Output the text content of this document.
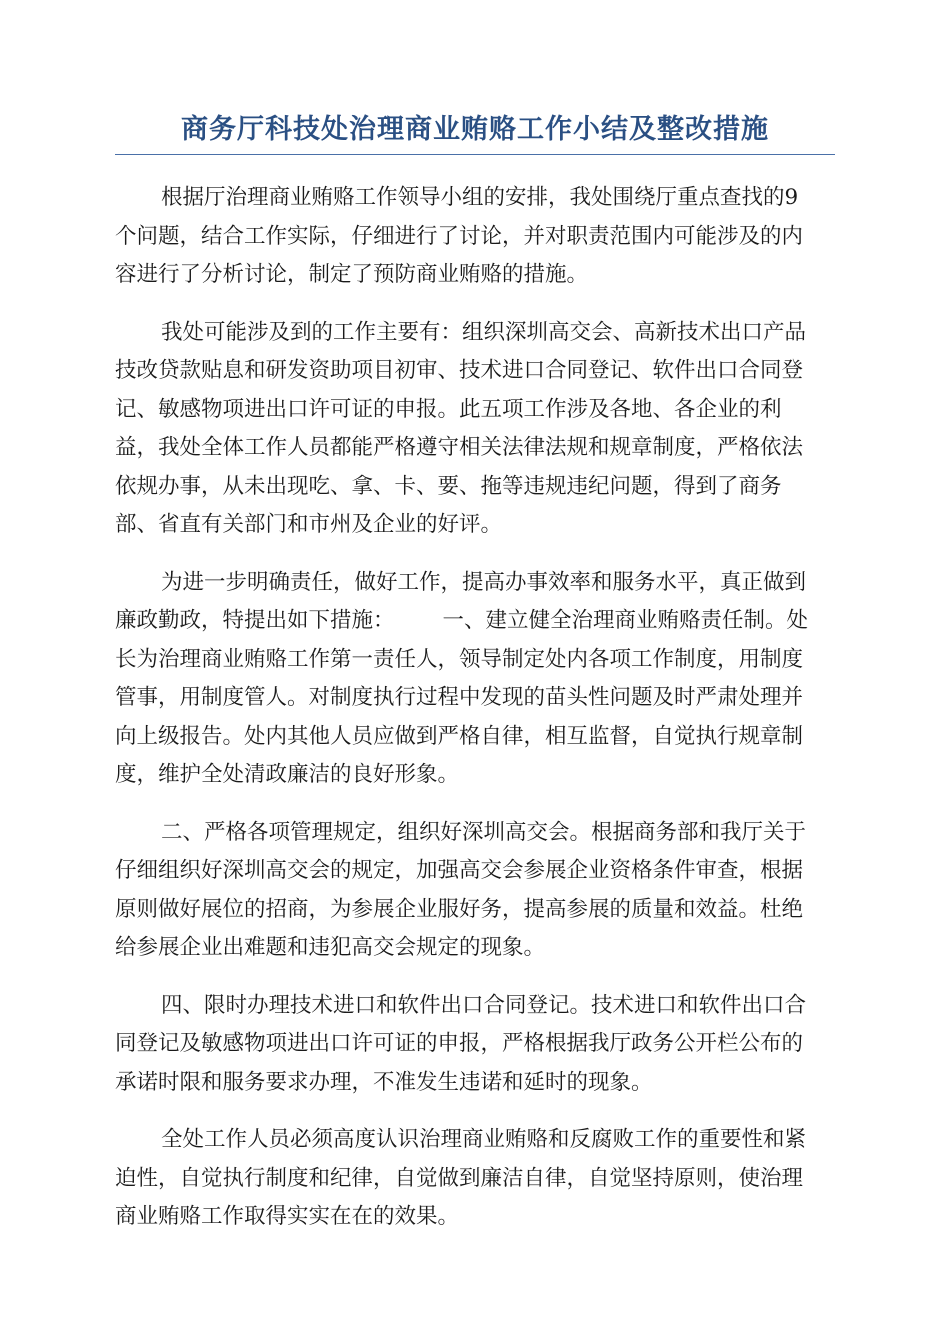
商务厅科技处治理商业贿赂工作小结及整改措施

根据厅治理商业贿赂工作领导小组的安排，我处围绕厅重点查找的9
个问题，结合工作实际，仔细进行了讨论，并对职责范围内可能涉及的内
容进行了分析讨论，制定了预防商业贿赂的措施。

我处可能涉及到的工作主要有：组织深圳高交会、高新技术出口产品
技改贷款贴息和研发资助项目初审、技术进口合同登记、软件出口合同登
记、敏感物项进出口许可证的申报。此五项工作涉及各地、各企业的利
益，我处全体工作人员都能严格遵守相关法律法规和规章制度，严格依法
依规办事，从未出现吃、拿、卡、要、拖等违规违纪问题，得到了商务
部、省直有关部门和市州及企业的好评。

为进一步明确责任，做好工作，提高办事效率和服务水平，真正做到
廉政勤政，特提出如下措施： 一、建立健全治理商业贿赂责任制。处
长为治理商业贿赂工作第一责任人，领导制定处内各项工作制度，用制度
管事，用制度管人。对制度执行过程中发现的苗头性问题及时严肃处理并
向上级报告。处内其他人员应做到严格自律，相互监督，自觉执行规章制
度，维护全处清政廉洁的良好形象。

二、严格各项管理规定，组织好深圳高交会。根据商务部和我厅关于
仔细组织好深圳高交会的规定，加强高交会参展企业资格条件审查，根据
原则做好展位的招商，为参展企业服好务，提高参展的质量和效益。杜绝
给参展企业出难题和违犯高交会规定的现象。

四、限时办理技术进口和软件出口合同登记。技术进口和软件出口合
同登记及敏感物项进出口许可证的申报，严格根据我厅政务公开栏公布的
承诺时限和服务要求办理，不准发生违诺和延时的现象。

全处工作人员必须高度认识治理商业贿赂和反腐败工作的重要性和紧
迫性，自觉执行制度和纪律，自觉做到廉洁自律，自觉坚持原则，使治理
商业贿赂工作取得实实在在的效果。
